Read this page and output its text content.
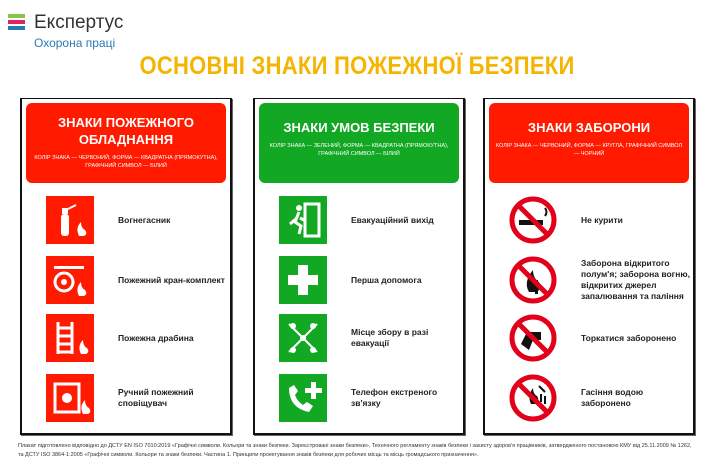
Експертус
Охорона праці
ОСНОВНІ ЗНАКИ ПОЖЕЖНОЇ БЕЗПЕКИ
ЗНАКИ ПОЖЕЖНОГО ОБЛАДНАННЯ

КОЛІР ЗНАКА — ЧЕРВОНИЙ, ФОРМА — КВАДРАТНА (ПРЯМОКУТНА), ГРАФІЧНИЙ СИМВОЛ — БІЛИЙ

Вогнегасник
Пожежний кран-комплект
Пожежна драбина
Ручний пожежний сповіщувач
ЗНАКИ УМОВ БЕЗПЕКИ

КОЛІР ЗНАКА — ЗЕЛЕНИЙ, ФОРМА — КВАДРАТНА (ПРЯМОКУТНА), ГРАФІЧНИЙ СИМВОЛ — БІЛИЙ

Евакуаційний вихід
Перша допомога
Місце збору в разі евакуації
Телефон екстреного зв'язку
ЗНАКИ ЗАБОРОНИ

КОЛІР ЗНАКА — ЧЕРВОНИЙ, ФОРМА — КРУГЛА, ГРАФІЧНИЙ СИМВОЛ — ЧОРНИЙ

Не курити
Заборона відкритого полум'я; заборона вогню, відкритих джерел запалювання та паління
Торкатися заборонено
Гасіння водою заборонено
Плакат підготовлено відповідно до ДСТУ EN ISO 7010:2019 «Графічні символи. Кольори та знаки безпеки. Зареєстровані знаки безпеки», Технічного регламенту знаків безпеки і захисту здоров'я працівників, затвердженого постановою КМУ від 25.11.2009 № 1262, та ДСТУ ISO 3864-1:2005 «Графічні символи. Кольори та знаки безпеки. Частина 1. Принципи проектування знаків безпеки для робочих місць та місць громадського призначення».
